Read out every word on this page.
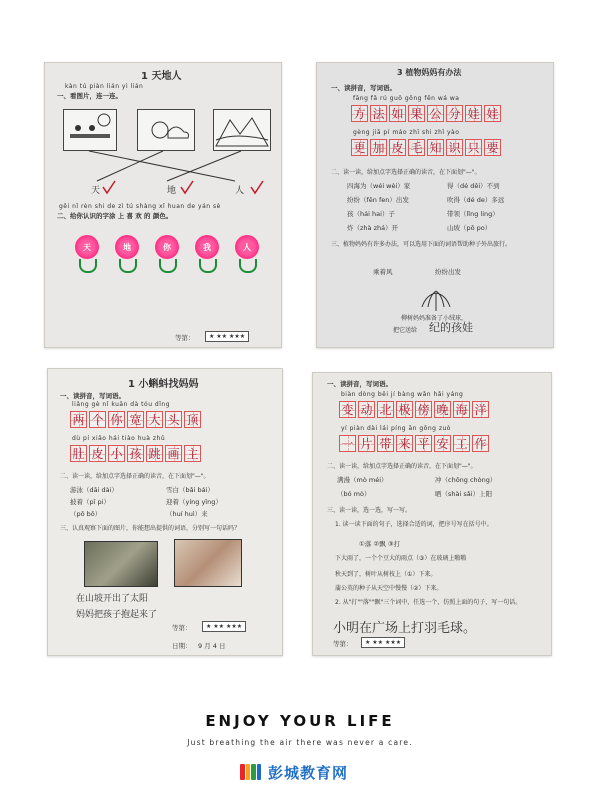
1 天地人
kàn tú piàn lián yì lián
一、看图片，连一连。
天	地	人
gěi nǐ rèn shi de zì tú shàng xǐ huan de yán sè
二、给你认识的字涂 上 喜 欢 的 颜色。
天	地	你	我	人
等第：	★ ★★ ★★★
3 植物妈妈有办法
一、读拼音，写词语。
fāng fǎ rú guǒ gōng fēn wá wa
方 法 如 果 公 分 娃 娃
gèng jiā pí máo zhī shi zhǐ yào
更 加 皮 毛 知 识 只 要
二、读一读，给加点字选择正确的读音，在下面划"—"。
四海为（wéi wèi）家	得（dé děi）不到
纷纷（fēn fen）出发	吹得（dé de）多远
孩（hái hai）子	带领（lǐng ling）
炸（zhà zhá）开	山坡（pō po）
三、植物妈妈有许多办法，可以选用下面的词语帮助种子外出旅行。
乘着风	纷纷出发
柳树妈妈准备了小绒球，
把它送给 纪的孩娃
1 小蝌蚪找妈妈
一、读拼音，写词语。
liǎng gè nǐ kuān dà tóu dǐng
两 个 你 宽 大 头 顶
dù pí xiǎo hái tiào huà zhǔ
肚 皮 小 孩 跳 画 主
二、读一读，给加点字选择正确的读音，在下面划"—"。
游泳（dāi dài）	雪白（bǎi bái）
披着（pī pi）	迎着（yíng yǐng）
（pō bō）	（huí huì）来
三、认真观察下面的图片，你能想出提供的词语，分别写一句话吗？
在山坡开出了太阳
妈妈把孩子抱起来了
等第：	★ ★★ ★★★
日期： 9 月 4 日
一、读拼音，写词语。
biàn dòng běi jí bàng wǎn hǎi yáng
变 动 北 极 傍 晚 海 洋
yí piàn dài lái píng ān gōng zuò
一 片 带 来 平 安 工 作
二、读一读，给加点字选择正确的读音，在下面划"—"。
满漫（mò méi）	冲（chōng chòng）
（bó mò）	晒（shài sǎi）上阳
三、读一读，选一选，写一写。
1. 读一读下面的句子，选择合适的词，把序号写在括号中。
①落 ②飘 ③打
下大雨了，一个个豆大的雨点（③）在玻璃上啪啪
秋天到了，树叶从树枝上（①）下来。
蒲公英的种子从天空中慢慢（②）下来。
2. 从"打""落""飘"三个词中，任选一个，仿照上面的句子，写一句话。
小明在广场上打羽毛球。
等第：	★ ★★ ★★★
ENJOY YOUR LIFE
Just breathing the air there was never a care.
彭城教育网
